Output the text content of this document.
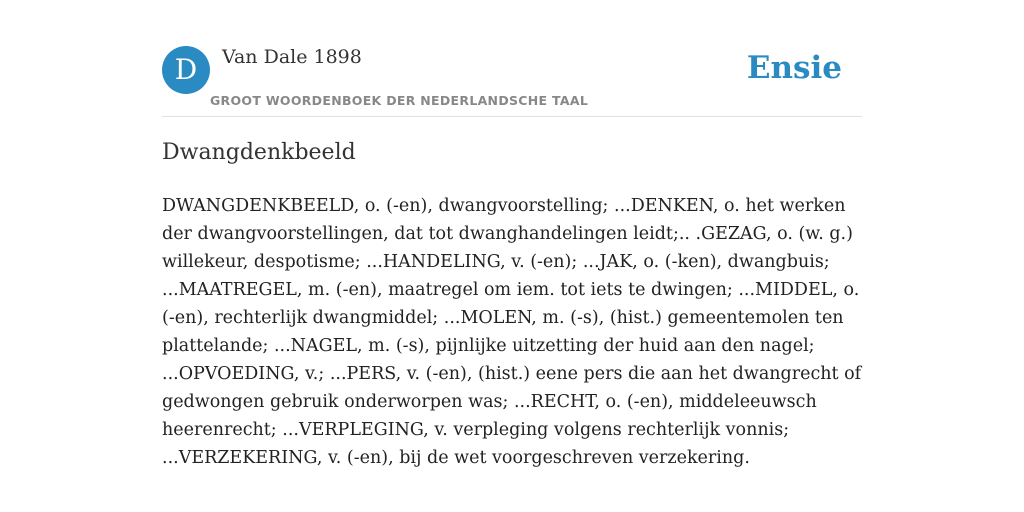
D	Van Dale 1898
GROOT WOORDENBOEK DER NEDERLANDSCHE TAAL
Ensie
Dwangdenkbeeld

DWANGDENKBEELD, o. (-en), dwangvoorstelling; ...DENKEN, o. het werken der dwangvoorstellingen, dat tot dwanghandelingen leidt;.. .GEZAG, o. (w. g.) willekeur, despotisme; ...HANDELING, v. (-en); ...JAK, o. (-ken), dwangbuis; ...MAATREGEL, m. (-en), maatregel om iem. tot iets te dwingen; ...MIDDEL, o. (-en), rechterlijk dwangmiddel; ...MOLEN, m. (-s), (hist.) gemeentemolen ten plattelande; ...NAGEL, m. (-s), pijnlijke uitzetting der huid aan den nagel; ...OPVOEDING, v.; ...PERS, v. (-en), (hist.) eene pers die aan het dwangrecht of gedwongen gebruik onderworpen was; ...RECHT, o. (-en), middeleeuwsch heerenrecht; ...VERPLEGING, v. verpleging volgens rechterlijk vonnis; ...VERZEKERING, v. (-en), bij de wet voorgeschreven verzekering.
